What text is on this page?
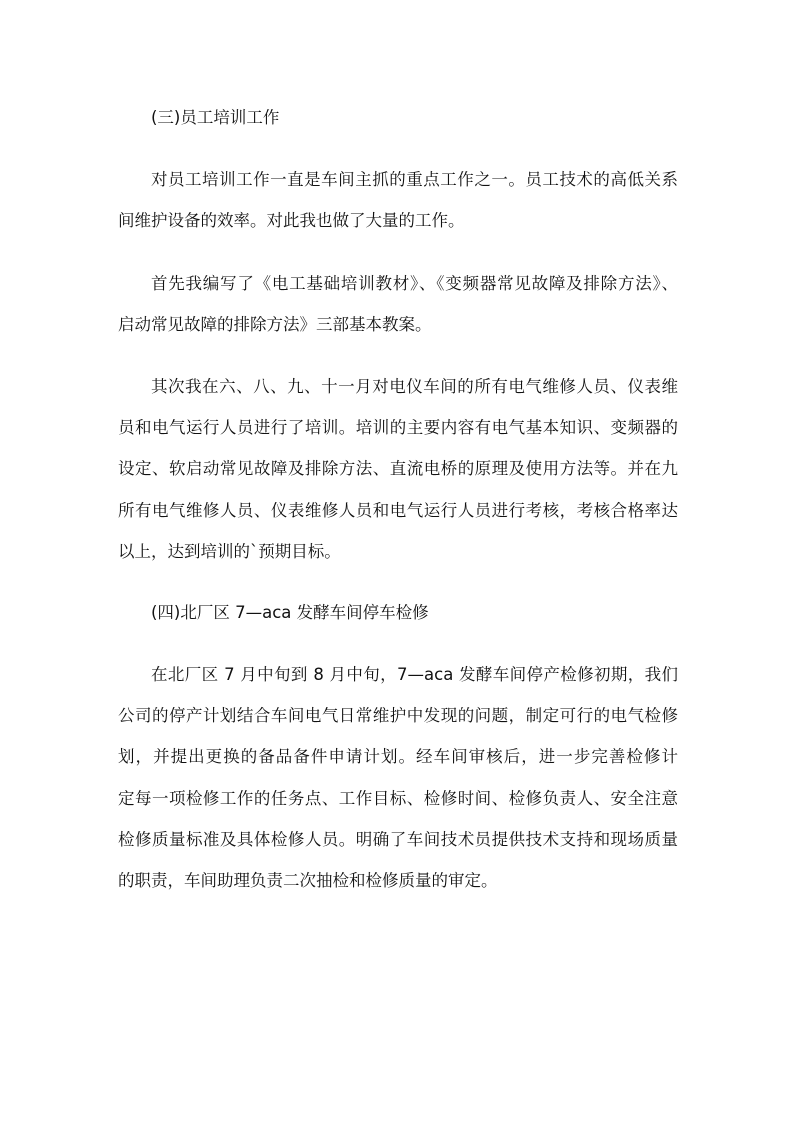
(三)员工培训工作
对员工培训工作一直是车间主抓的重点工作之一。员工技术的高低关系
间维护设备的效率。对此我也做了大量的工作。
首先我编写了《电工基础培训教材》、《变频器常见故障及排除方法》、
启动常见故障的排除方法》三部基本教案。
其次我在六、八、九、十一月对电仪车间的所有电气维修人员、仪表维
员和电气运行人员进行了培训。培训的主要内容有电气基本知识、变频器的
设定、软启动常见故障及排除方法、直流电桥的原理及使用方法等。并在九
所有电气维修人员、仪表维修人员和电气运行人员进行考核，考核合格率达
以上，达到培训的`预期目标。
(四)北厂区 7—aca 发酵车间停车检修
在北厂区 7 月中旬到 8 月中旬，7—aca 发酵车间停产检修初期，我们
公司的停产计划结合车间电气日常维护中发现的问题，制定可行的电气检修
划，并提出更换的备品备件申请计划。经车间审核后，进一步完善检修计
定每一项检修工作的任务点、工作目标、检修时间、检修负责人、安全注意
检修质量标准及具体检修人员。明确了车间技术员提供技术支持和现场质量
的职责，车间助理负责二次抽检和检修质量的审定。
